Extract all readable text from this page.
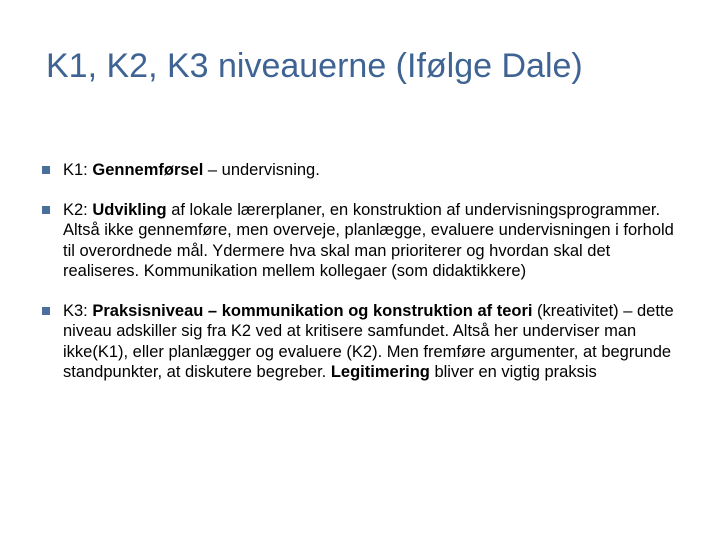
K1, K2, K3 niveauerne (Ifølge Dale)
K1: Gennemførsel – undervisning.
K2: Udvikling af lokale lærerplaner, en konstruktion af undervisningsprogrammer. Altså ikke gennemføre, men overveje, planlægge, evaluere undervisningen i forhold til overordnede mål. Ydermere hva skal man prioriterer og hvordan skal det realiseres. Kommunikation mellem kollegaer (som didaktikkere)
K3: Praksisniveau – kommunikation og konstruktion af teori (kreativitet) – dette niveau adskiller sig fra K2 ved at kritisere samfundet. Altså her underviser man ikke(K1), eller planlægger og evaluere (K2). Men fremføre argumenter, at begrunde standpunkter, at diskutere begreber. Legitimering bliver en vigtig praksis
